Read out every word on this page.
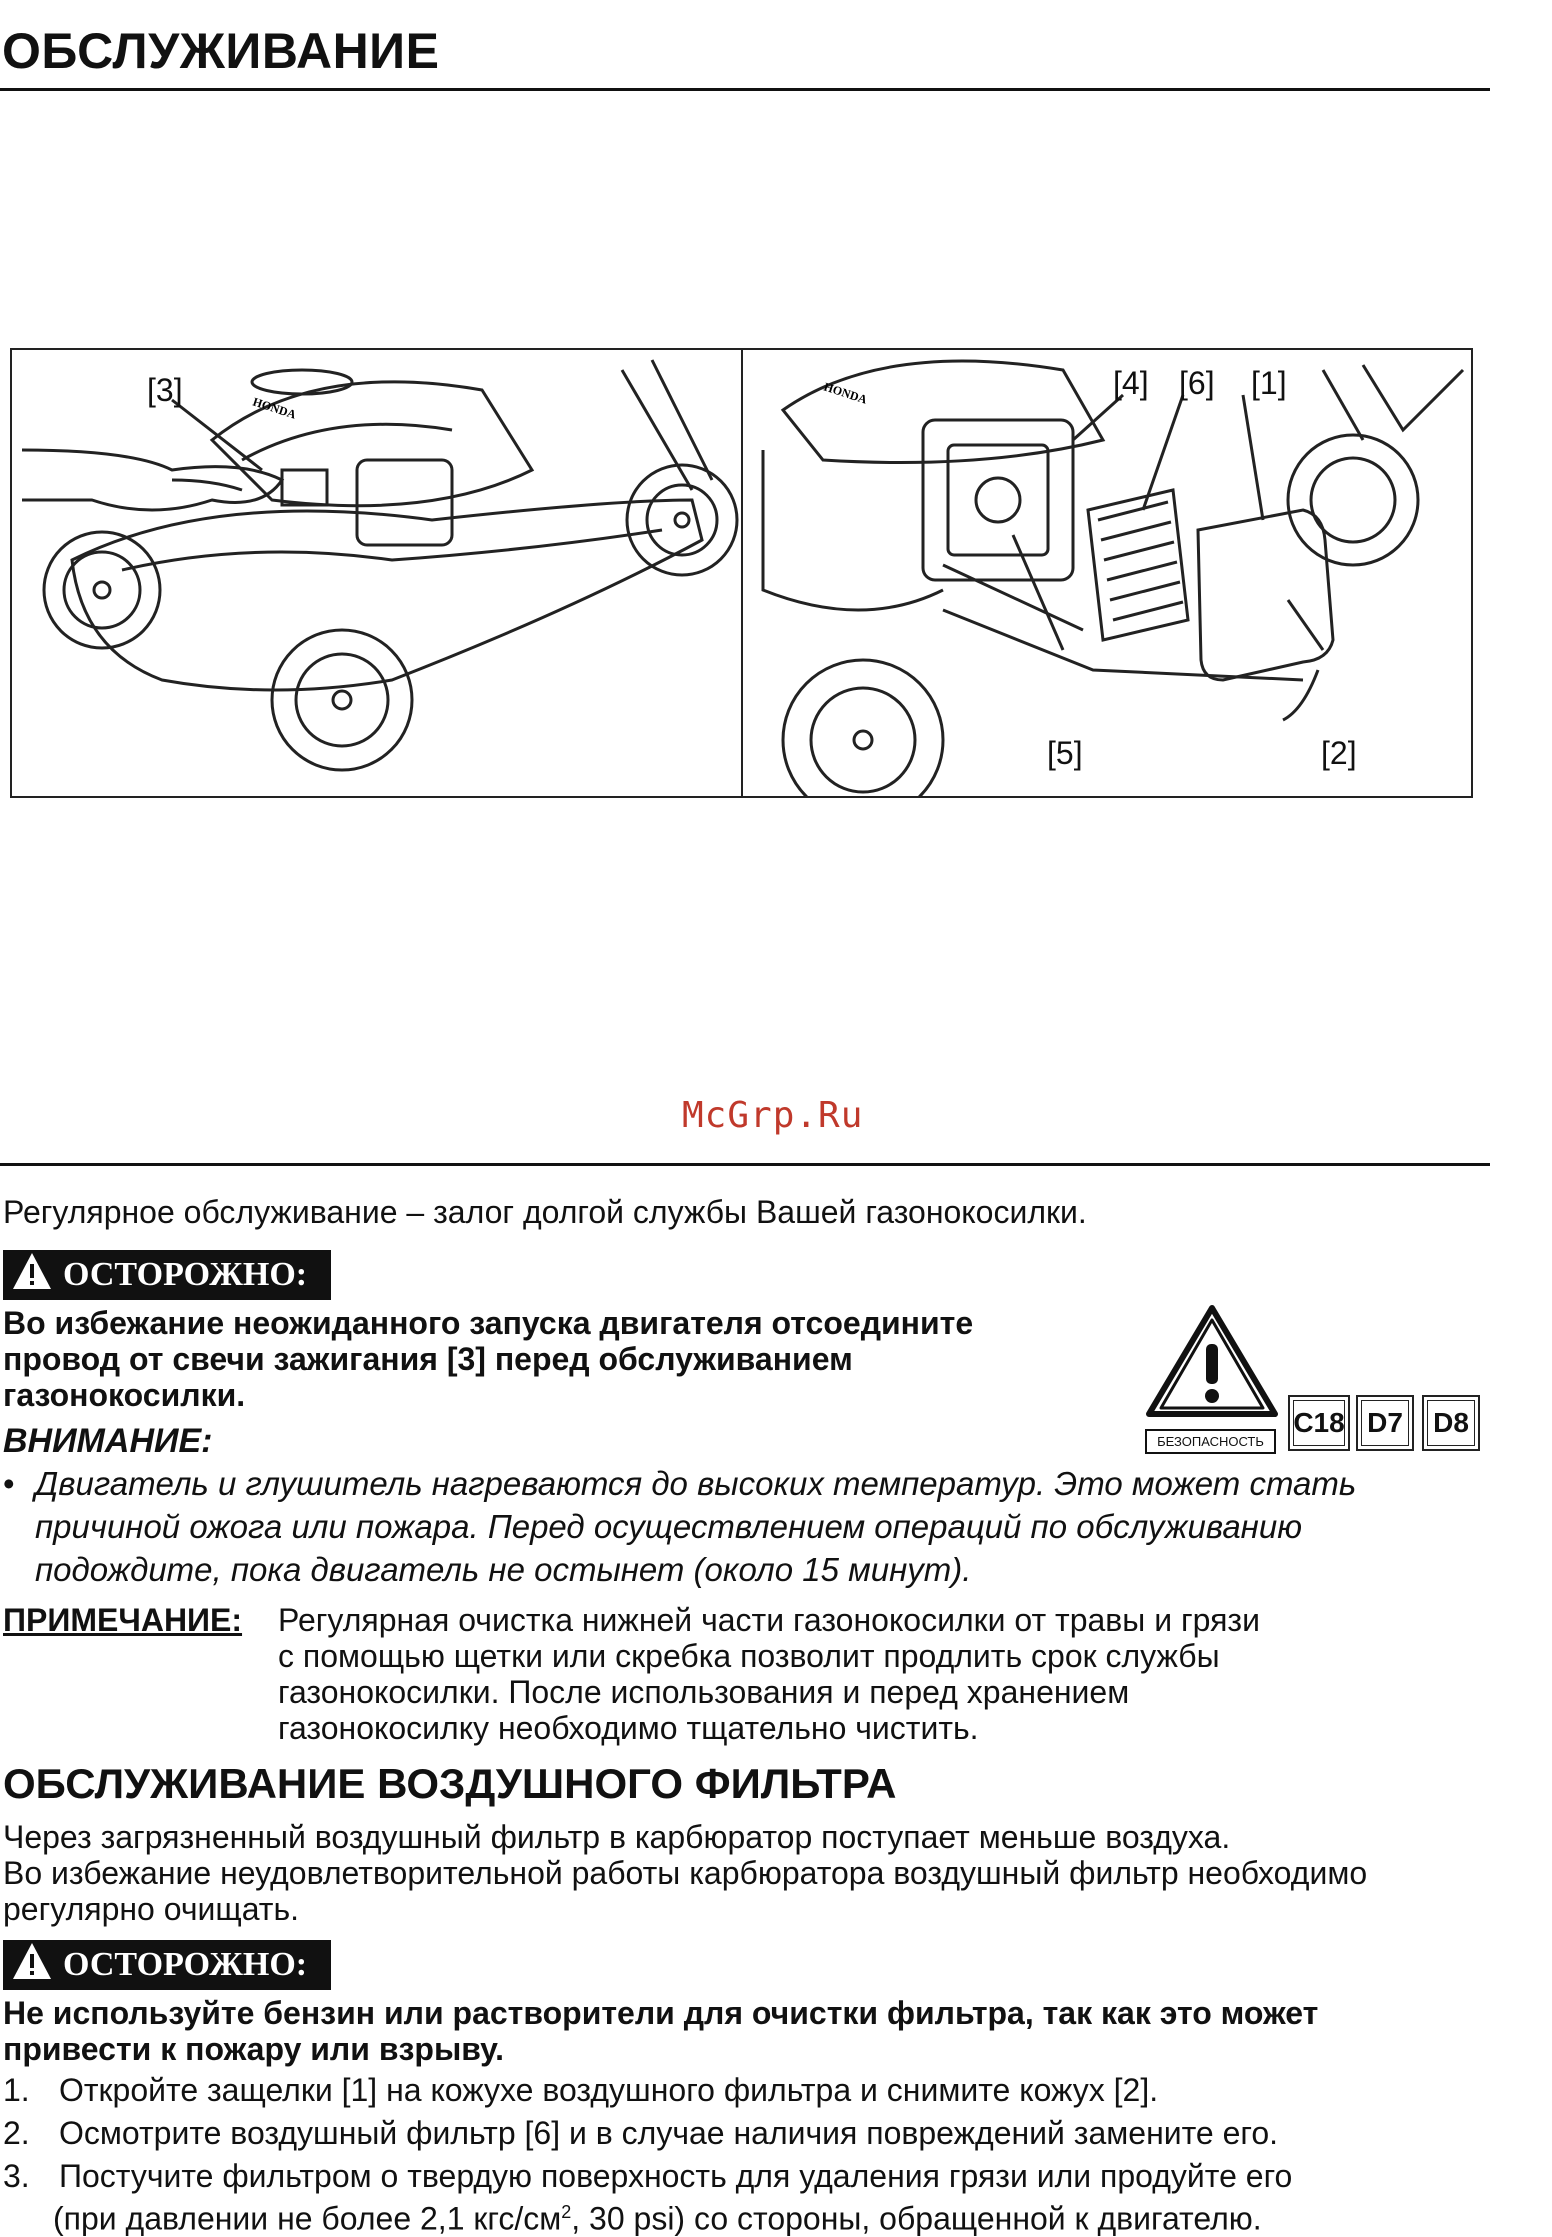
ОБСЛУЖИВАНИЕ
HONDA
[3]	HONDA	[4] [6] [1]
[5]	[2]
McGrp.Ru
Регулярное обслуживание – залог долгой службы Вашей газонокосилки.
ОСТОРОЖНО:
Во избежание неожиданного запуска двигателя отсоедините
провод от свечи зажигания [3] перед обслуживанием
газонокосилки.
БЕЗОПАСНОСТЬ
C18 D7	D8
ВНИМАНИЕ:
• Двигатель и глушитель нагреваются до высоких температур. Это может стать
причиной ожога или пожара. Перед осуществлением операций по обслуживанию
подождите, пока двигатель не остынет (около 15 минут).
ПРИМЕЧАНИЕ: Регулярная очистка нижней части газонокосилки от травы и грязи
с помощью щетки или скребка позволит продлить срок службы
газонокосилки. После использования и перед хранением
газонокосилку необходимо тщательно чистить.
ОБСЛУЖИВАНИЕ ВОЗДУШНОГО ФИЛЬТРА
Через загрязненный воздушный фильтр в карбюратор поступает меньше воздуха.
Во избежание неудовлетворительной работы карбюратора воздушный фильтр необходимо
регулярно очищать.
ОСТОРОЖНО:
Не используйте бензин или растворители для очистки фильтра, так как это может
привести к пожару или взрыву.
1. Откройте защелки [1] на кожухе воздушного фильтра и снимите кожух [2].
2. Осмотрите воздушный фильтр [6] и в случае наличия повреждений замените его.
3. Постучите фильтром о твердую поверхность для удаления грязи или продуйте его
(при давлении не более 2,1 кгс/$см^2$, 30 psi) со стороны, обращенной к двигателю.
